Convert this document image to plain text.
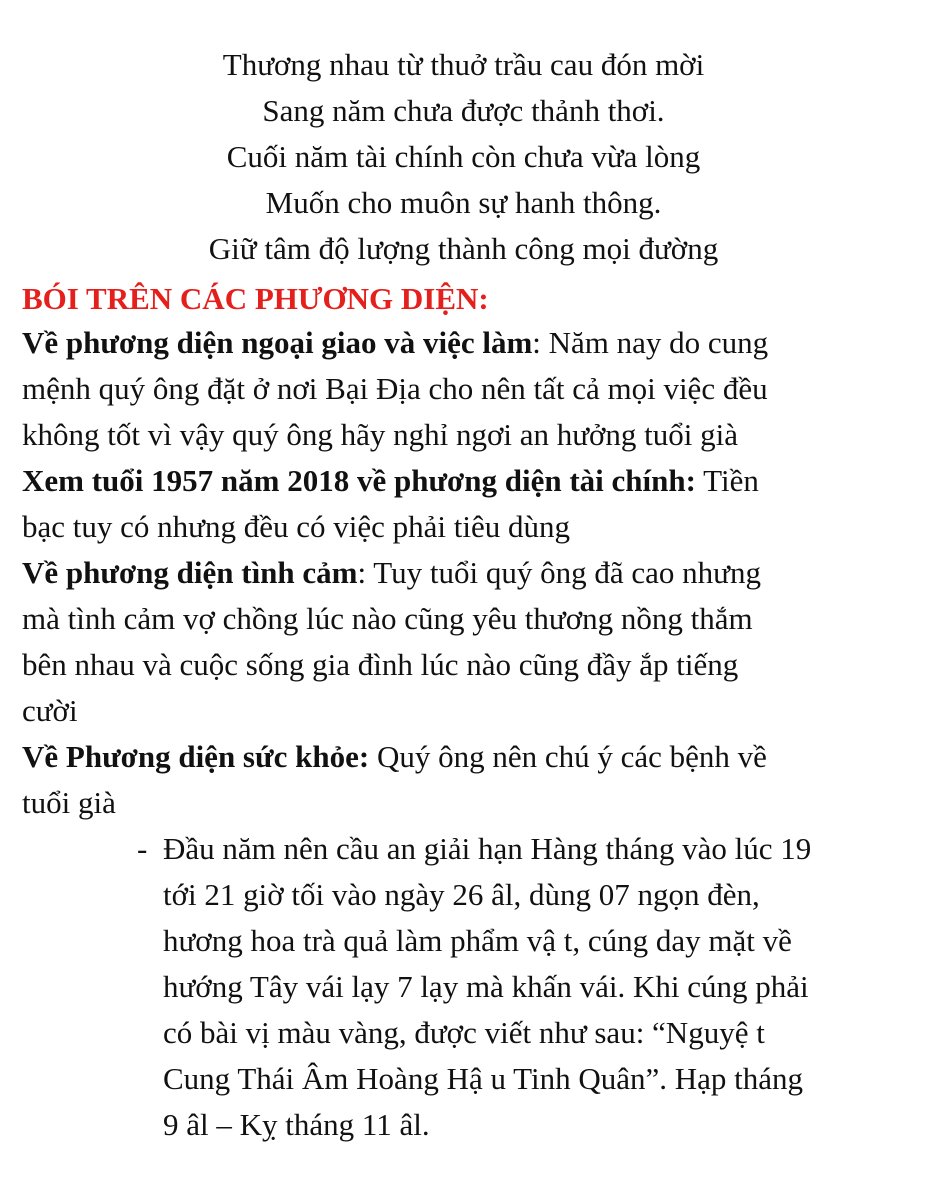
Thương nhau từ thuở trầu cau đón mời
Sang năm chưa được thảnh thơi.
Cuối năm tài chính còn chưa vừa lòng
Muốn cho muôn sự hanh thông.
Giữ tâm độ lượng thành công mọi đường
BÓI TRÊN CÁC PHƯƠNG DIỆN:
Về phương diện ngoại giao và việc làm: Năm nay do cung
mệnh quý ông đặt ở nơi Bại Địa cho nên tất cả mọi việc đều
không tốt vì vậy quý ông hãy nghỉ ngơi an hưởng tuổi già
Xem tuổi 1957 năm 2018 về phương diện tài chính: Tiền
bạc tuy có nhưng đều có việc phải tiêu dùng
Về phương diện tình cảm: Tuy tuổi quý ông đã cao nhưng
mà tình cảm vợ chồng lúc nào cũng yêu thương nồng thắm
bên nhau và cuộc sống gia đình lúc nào cũng đầy ắp tiếng
cười
Về Phương diện sức khỏe: Quý ông nên chú ý các bệnh về
tuổi già
- Đầu năm nên cầu an giải hạn Hàng tháng vào lúc 19
tới 21 giờ tối vào ngày 26 âl, dùng 07 ngọn đèn,
hương hoa trà quả làm phẩm vậ t, cúng day mặt về
hướng Tây vái lạy 7 lạy mà khấn vái. Khi cúng phải
có bài vị màu vàng, được viết như sau: “Nguyệ t
Cung Thái Âm Hoàng Hậ u Tinh Quân”. Hạp tháng
9 âl – Kỵ tháng 11 âl.
